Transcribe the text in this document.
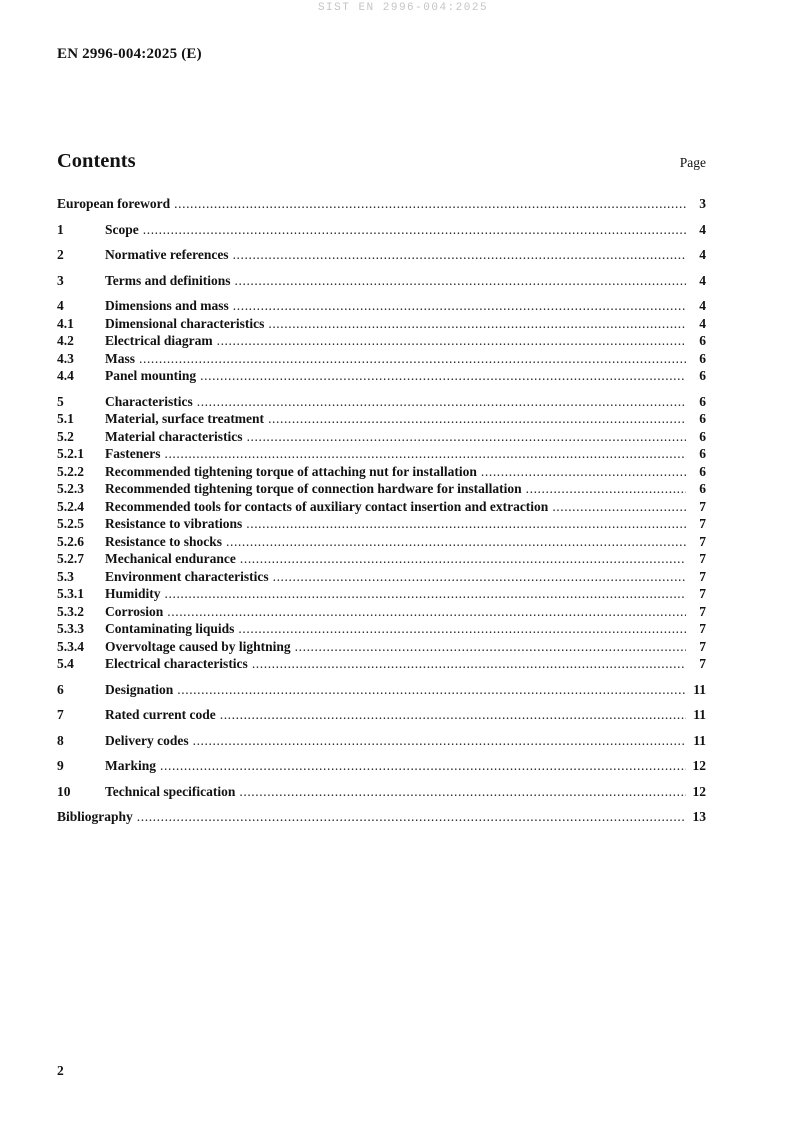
SIST EN 2996-004:2025
EN 2996-004:2025 (E)
Contents	Page
European foreword .....	3
1	Scope .....	4
2	Normative references .....	4
3	Terms and definitions .....	4
4	Dimensions and mass .....	4
4.1	Dimensional characteristics .....	4
4.2	Electrical diagram .....	6
4.3	Mass .....	6
4.4	Panel mounting .....	6
5	Characteristics .....	6
5.1	Material, surface treatment .....	6
5.2	Material characteristics .....	6
5.2.1	Fasteners .....	6
5.2.2	Recommended tightening torque of attaching nut for installation .....	6
5.2.3	Recommended tightening torque of connection hardware for installation .....	6
5.2.4	Recommended tools for contacts of auxiliary contact insertion and extraction .....	7
5.2.5	Resistance to vibrations .....	7
5.2.6	Resistance to shocks .....	7
5.2.7	Mechanical endurance .....	7
5.3	Environment characteristics .....	7
5.3.1	Humidity .....	7
5.3.2	Corrosion .....	7
5.3.3	Contaminating liquids .....	7
5.3.4	Overvoltage caused by lightning .....	7
5.4	Electrical characteristics .....	7
6	Designation .....	11
7	Rated current code .....	11
8	Delivery codes .....	11
9	Marking .....	12
10	Technical specification .....	12
Bibliography .....	13
2
